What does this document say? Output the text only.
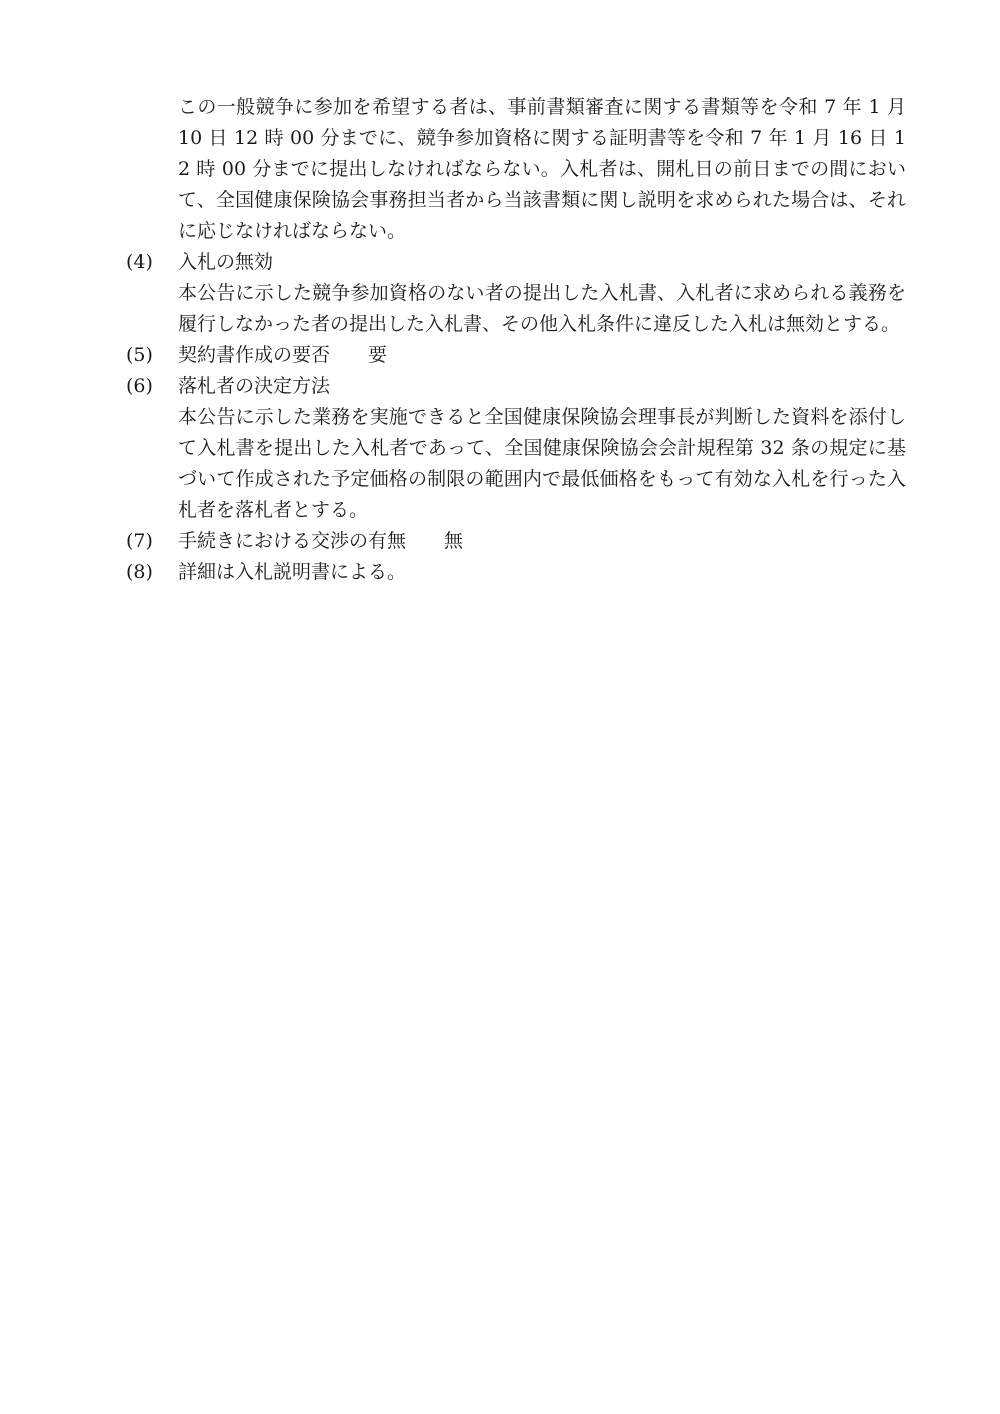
この一般競争に参加を希望する者は、事前書類審査に関する書類等を令和 7 年 1 月 10 日 12 時 00 分までに、競争参加資格に関する証明書等を令和 7 年 1 月 16 日 12 時 00 分までに提出しなければならない。入札者は、開札日の前日までの間において、全国健康保険協会事務担当者から当該書類に関し説明を求められた場合は、それに応じなければならない。
(4)	入札の無効
本公告に示した競争参加資格のない者の提出した入札書、入札者に求められる義務を履行しなかった者の提出した入札書、その他入札条件に違反した入札は無効とする。
(5)	契約書作成の要否 要
(6)	落札者の決定方法
本公告に示した業務を実施できると全国健康保険協会理事長が判断した資料を添付して入札書を提出した入札者であって、全国健康保険協会会計規程第 32 条の規定に基づいて作成された予定価格の制限の範囲内で最低価格をもって有効な入札を行った入札者を落札者とする。
(7)	手続きにおける交渉の有無 無
(8)	詳細は入札説明書による。
